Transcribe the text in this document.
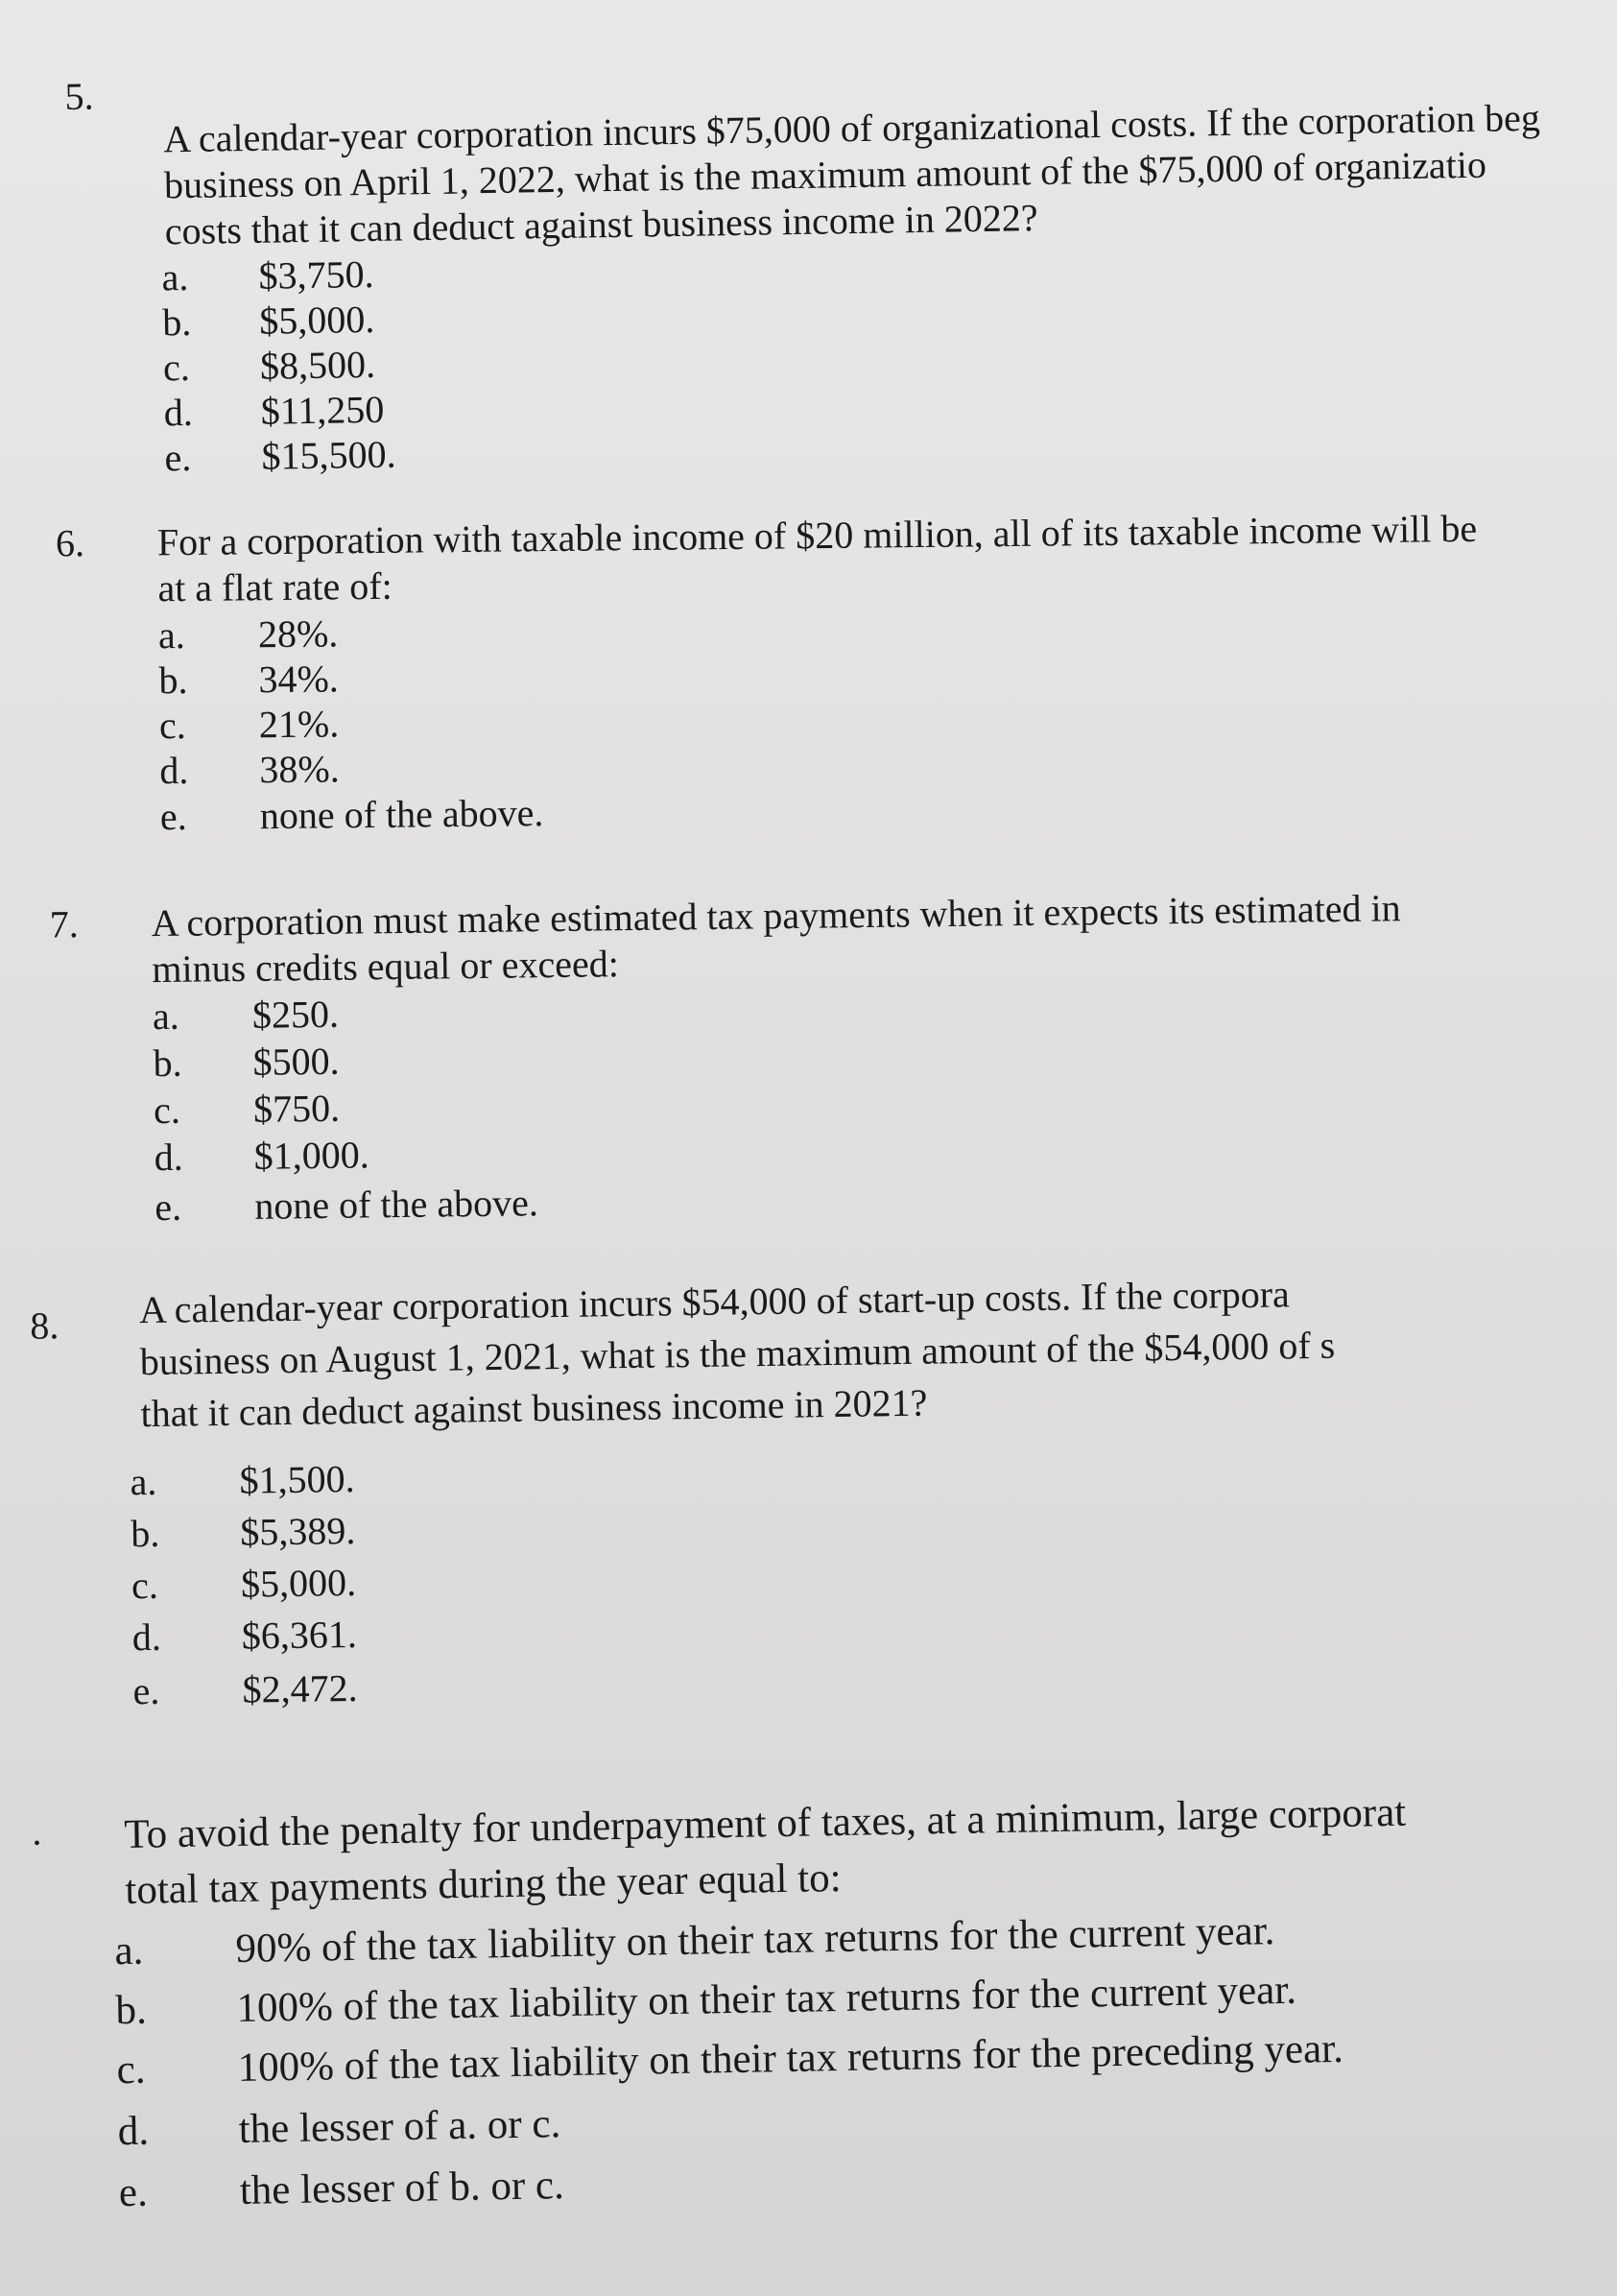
5. A calendar-year corporation incurs $75,000 of organizational costs. If the corporation beg
business on April 1, 2022, what is the maximum amount of the $75,000 of organizatio
costs that it can deduct against business income in 2022?
a. $3,750.
b. $5,000.
c. $8,500.
d. $11,250
e. $15,500.
6. For a corporation with taxable income of $20 million, all of its taxable income will be
at a flat rate of:
a. 28%.
b. 34%.
c. 21%.
d. 38%.
e. none of the above.
7. A corporation must make estimated tax payments when it expects its estimated in
minus credits equal or exceed:
a. $250.
b. $500.
c. $750.
d. $1,000.
e. none of the above.
8. A calendar-year corporation incurs $54,000 of start-up costs. If the corpora
business on August 1, 2021, what is the maximum amount of the $54,000 of s
that it can deduct against business income in 2021?
a. $1,500.
b. $5,389.
c. $5,000.
d. $6,361.
e. $2,472.
. To avoid the penalty for underpayment of taxes, at a minimum, large corporat
total tax payments during the year equal to:
a. 90% of the tax liability on their tax returns for the current year.
b. 100% of the tax liability on their tax returns for the current year.
c. 100% of the tax liability on their tax returns for the preceding year.
d. the lesser of a. or c.
e. the lesser of b. or c.
